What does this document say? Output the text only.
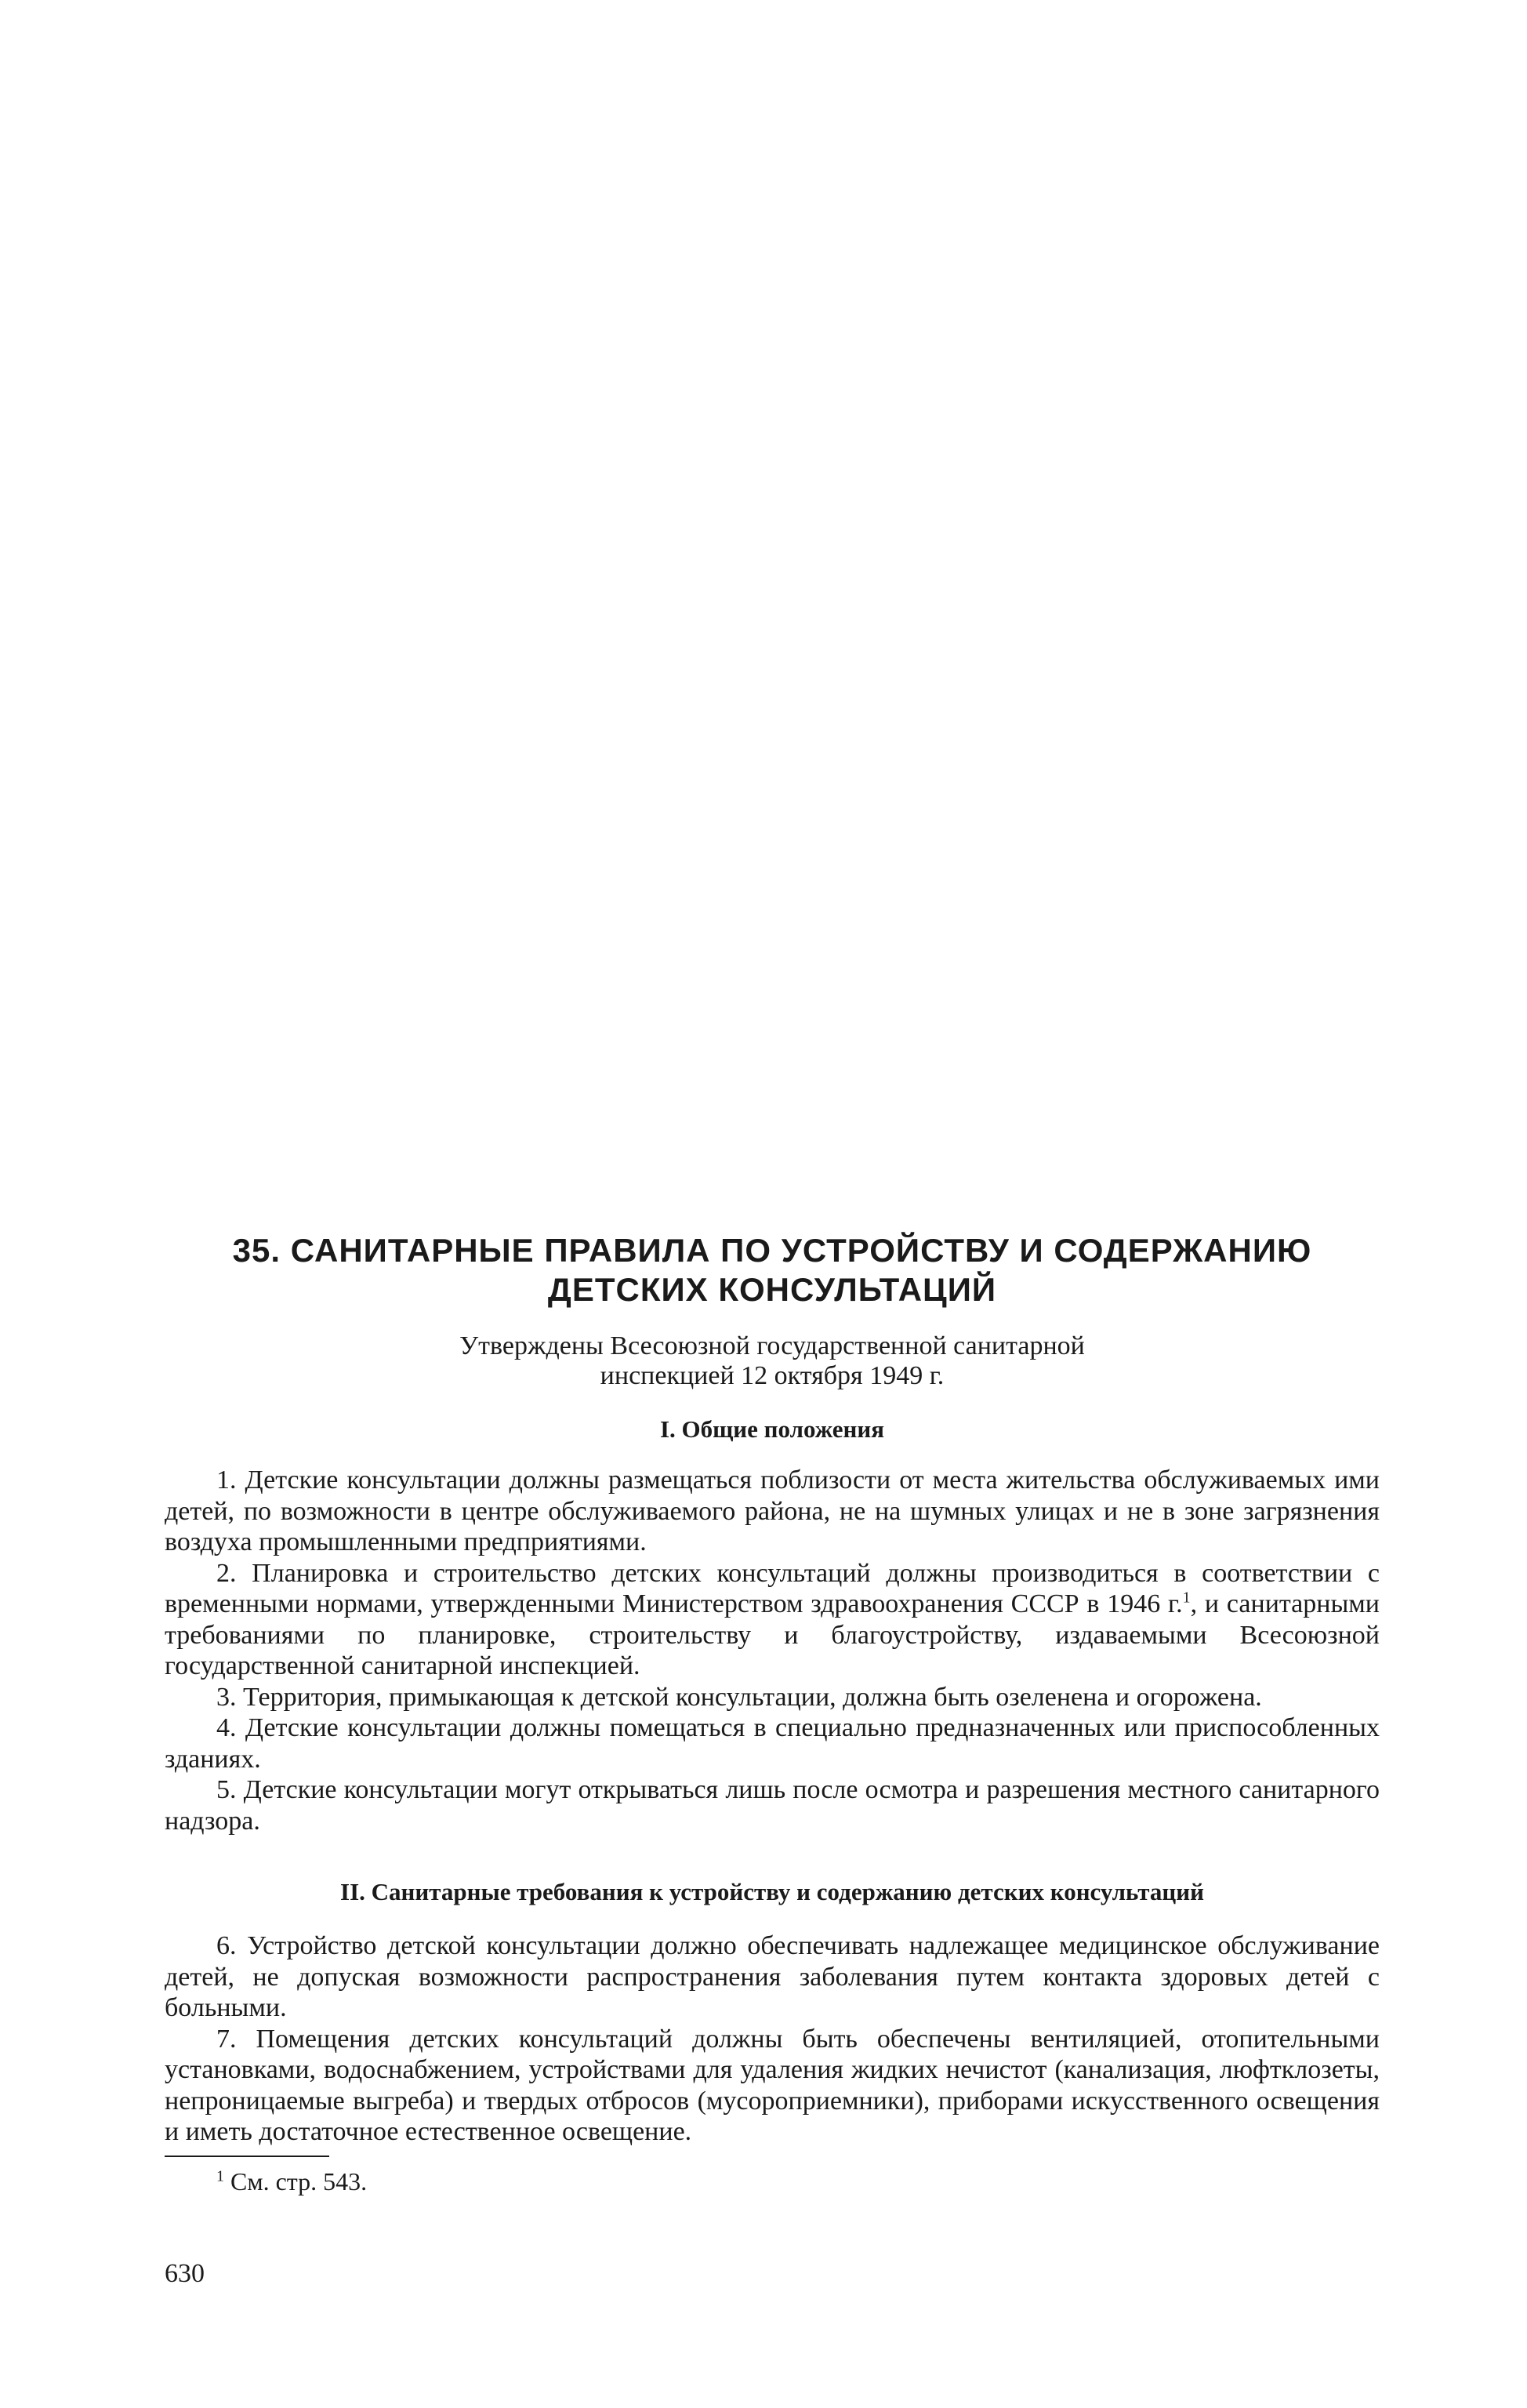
35. САНИТАРНЫЕ ПРАВИЛА ПО УСТРОЙСТВУ И СОДЕРЖАНИЮ
ДЕТСКИХ КОНСУЛЬТАЦИЙ

Утверждены Всесоюзной государственной санитарной
инспекцией 12 октября 1949 г.

I. Общие положения

1. Детские консультации должны размещаться поблизости от места жительства обслуживаемых ими детей, по возможности в центре обслуживаемого района, не на шумных улицах и не в зоне загрязнения воздуха промышленными предприятиями.

2. Планировка и строительство детских консультаций должны производиться в соответствии с временными нормами, утвержденными Министерством здравоохранения СССР в 1946 г.$^1$, и санитарными требованиями по планировке, строительству и благоустройству, издаваемыми Всесоюзной государственной санитарной инспекцией.

3. Территория, примыкающая к детской консультации, должна быть озеленена и огорожена.

4. Детские консультации должны помещаться в специально предназначенных или приспособленных зданиях.

5. Детские консультации могут открываться лишь после осмотра и разрешения местного санитарного надзора.

II. Санитарные требования к устройству и содержанию детских консультаций

6. Устройство детской консультации должно обеспечивать надлежащее медицинское обслуживание детей, не допуская возможности распространения заболевания путем контакта здоровых детей с больными.

7. Помещения детских консультаций должны быть обеспечены вентиляцией, отопительными установками, водоснабжением, устройствами для удаления жидких нечистот (канализация, люфтклозеты, непроницаемые выгреба) и твердых отбросов (мусороприемники), приборами искусственного освещения и иметь достаточное естественное освещение.

$^1$ См. стр. 543.

630
